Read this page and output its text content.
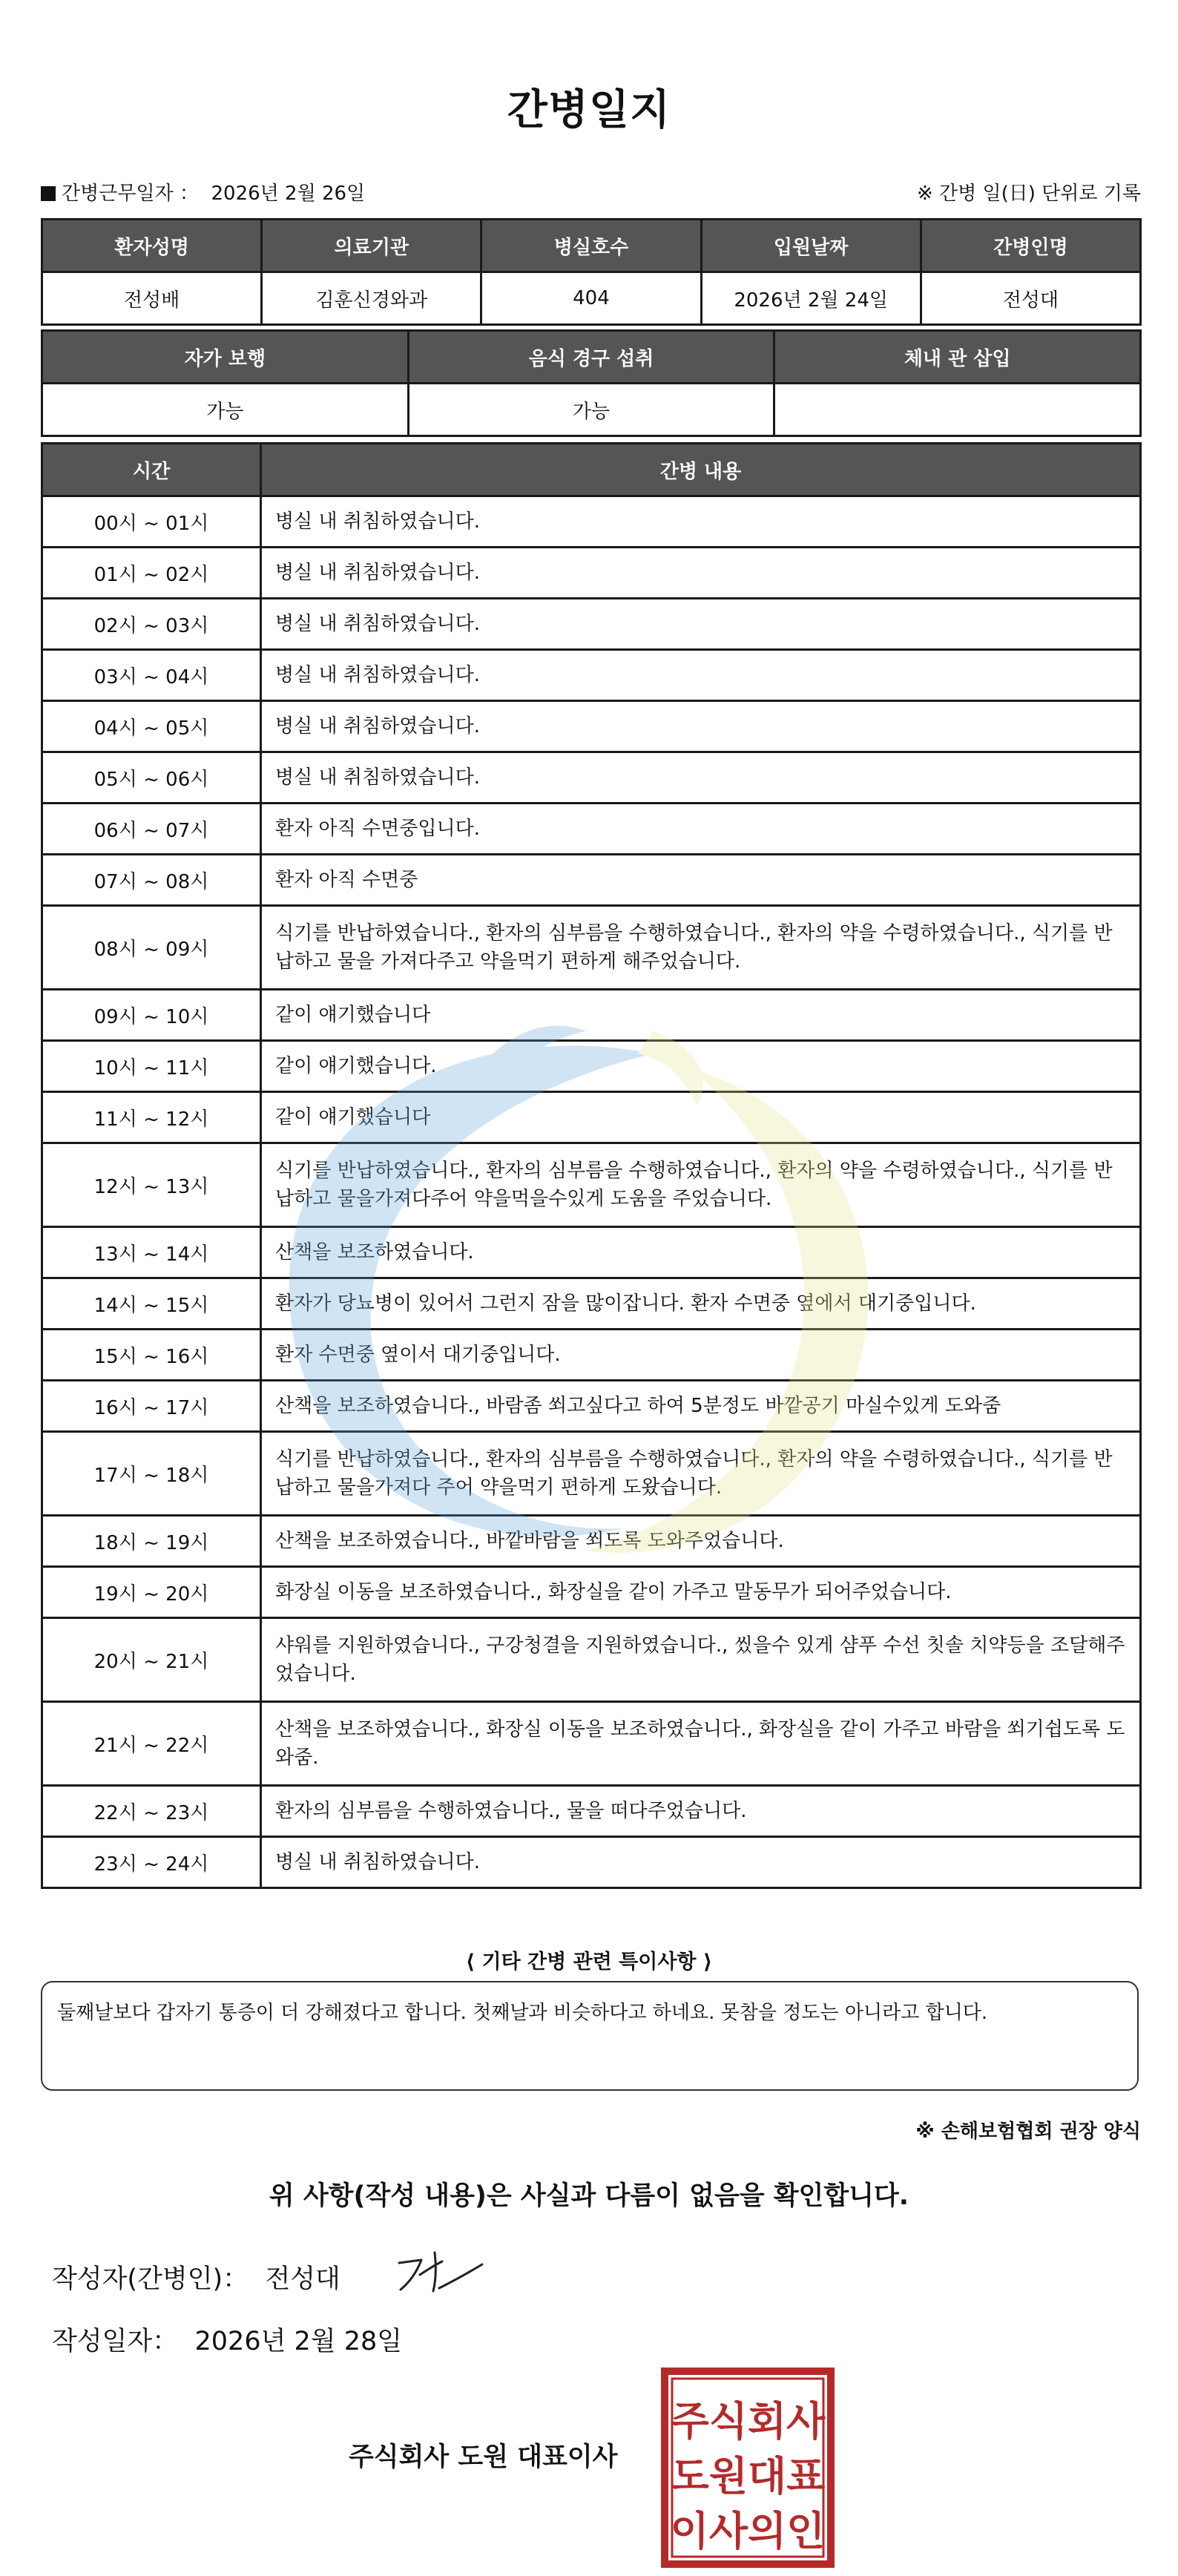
간병일지
간병근무일자 ： 2026년 2월 26일	※ 간병 일(日) 단위로 기록
환자성명	의료기관	병실호수	입원날짜	간병인명
전성배	김훈신경와과	404	2026년 2월 24일	전성대
자가 보행	음식 경구 섭취	체내 관 삽입
가능	가능	
시간	간병 내용
00시 ~ 01시	병실 내 취침하였습니다.
01시 ~ 02시	병실 내 취침하였습니다.
02시 ~ 03시	병실 내 취침하였습니다.
03시 ~ 04시	병실 내 취침하였습니다.
04시 ~ 05시	병실 내 취침하였습니다.
05시 ~ 06시	병실 내 취침하였습니다.
06시 ~ 07시	환자 아직 수면중입니다.
07시 ~ 08시	환자 아직 수면중
08시 ~ 09시	식기를 반납하였습니다., 환자의 심부름을 수행하였습니다., 환자의 약을 수령하였습니다., 식기를 반납하고 물을 가져다주고 약을먹기 편하게 해주었습니다.
09시 ~ 10시	같이 얘기했습니다
10시 ~ 11시	같이 얘기했습니다.
11시 ~ 12시	같이 얘기했습니다
12시 ~ 13시	식기를 반납하였습니다., 환자의 심부름을 수행하였습니다., 환자의 약을 수령하였습니다., 식기를 반납하고 물을가져다주어 약을먹을수있게 도움을 주었습니다.
13시 ~ 14시	산책을 보조하였습니다.
14시 ~ 15시	환자가 당뇨병이 있어서 그런지 잠을 많이잡니다. 환자 수면중 옆에서 대기중입니다.
15시 ~ 16시	환자 수면중 옆이서 대기중입니다.
16시 ~ 17시	산책을 보조하였습니다., 바람좀 쐬고싶다고 하여 5분정도 바깥공기 마실수있게 도와줌
17시 ~ 18시	식기를 반납하였습니다., 환자의 심부름을 수행하였습니다., 환자의 약을 수령하였습니다., 식기를 반납하고 물을가져다 주어 약을먹기 편하게 도왔습니다.
18시 ~ 19시	산책을 보조하였습니다., 바깥바람을 쐬도록 도와주었습니다.
19시 ~ 20시	화장실 이동을 보조하였습니다., 화장실을 같이 가주고 말동무가 되어주었습니다.
20시 ~ 21시	샤워를 지원하였습니다., 구강청결을 지원하였습니다., 씼을수 있게 샴푸 수선 칫솔 치약등을 조달해주었습니다.
21시 ~ 22시	산책을 보조하였습니다., 화장실 이동을 보조하였습니다., 화장실을 같이 가주고 바람을 쐬기쉽도록 도와줌.
22시 ~ 23시	환자의 심부름을 수행하였습니다., 물을 떠다주었습니다.
23시 ~ 24시	병실 내 취침하였습니다.
⟨ 기타 간병 관련 특이사항 ⟩
둘째날보다 갑자기 통증이 더 강해졌다고 합니다. 첫째날과 비슷하다고 하네요. 못참을 정도는 아니라고 합니다.
※ 손해보험협회 권장 양식
위 사항(작성 내용)은 사실과 다름이 없음을 확인합니다.
작성자(간병인)： 전성대
작성일자： 2026년 2월 28일
주식회사 도원 대표이사
주식회사
도원대표
이사의인
